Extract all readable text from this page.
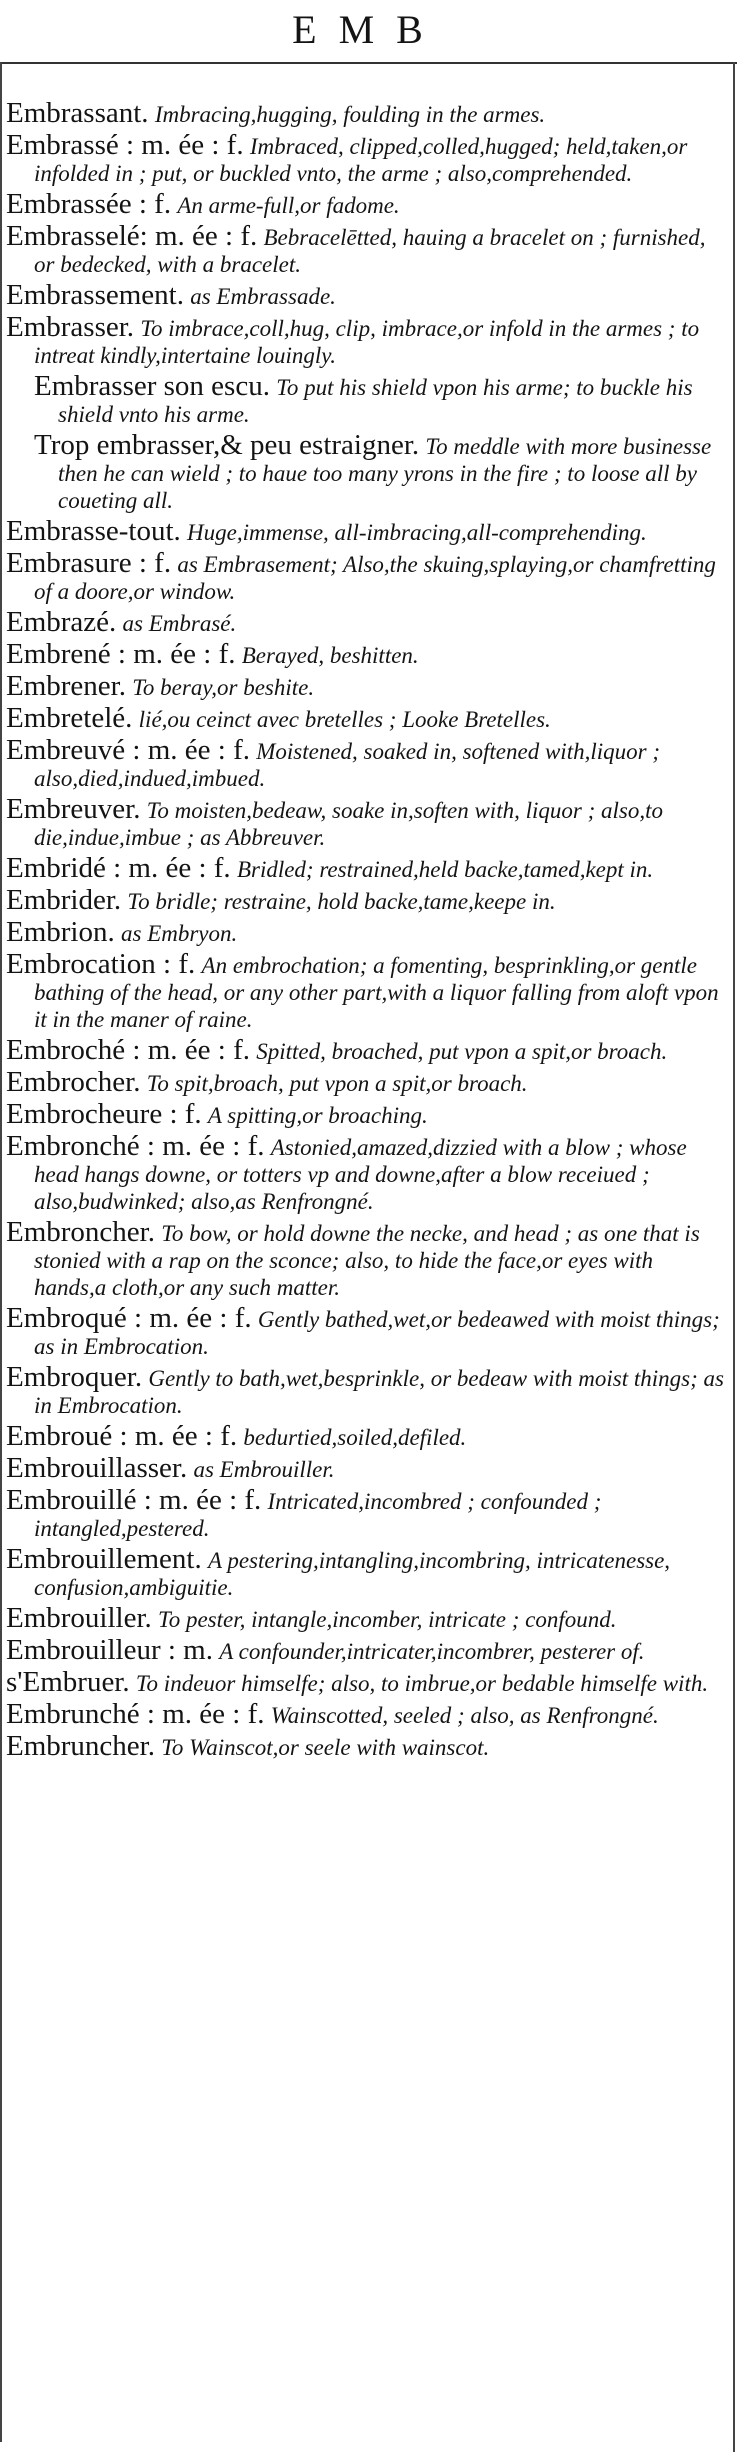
EMB

Embrassant. Imbracing,hugging, foulding in the armes.

Embrassé : m. ée : f. Imbraced, clipped,colled,hugged; held,taken,or infolded in ; put, or buckled vnto, the arme ; also,comprehended.

Embrassée : f. An arme-full,or fadome.

Embrasselé: m. ée : f. Bebracelētted, hauing a bracelet on ; furnished, or bedecked, with a bracelet.

Embrassement. as Embrassade.

Embrasser. To imbrace,coll,hug, clip, imbrace,or infold in the armes ; to intreat kindly,intertaine louingly.

Embrasser son escu. To put his shield vpon his arme; to buckle his shield vnto his arme.

Trop embrasser,& peu estraigner. To meddle with more businesse then he can wield ; to haue too many yrons in the fire ; to loose all by coueting all.

Embrasse-tout. Huge,immense, all-imbracing,all-comprehending.

Embrasure : f. as Embrasement; Also,the skuing,splaying,or chamfretting of a doore,or window.

Embrazé. as Embrasé.

Embrené : m. ée : f. Berayed, beshitten.

Embrener. To beray,or beshite.

Embretelé. lié,ou ceinct avec bretelles ; Looke Bretelles.

Embreuvé : m. ée : f. Moistened, soaked in, softened with,liquor ; also,died,indued,imbued.

Embreuver. To moisten,bedeaw, soake in,soften with, liquor ; also,to die,indue,imbue ; as Abbreuver.

Embridé : m. ée : f. Bridled; restrained,held backe,tamed,kept in.

Embrider. To bridle; restraine, hold backe,tame,keepe in.

Embrion. as Embryon.

Embrocation : f. An embrochation; a fomenting, besprinkling,or gentle bathing of the head, or any other part,with a liquor falling from aloft vpon it in the maner of raine.

Embroché : m. ée : f. Spitted, broached, put vpon a spit,or broach.

Embrocher. To spit,broach, put vpon a spit,or broach.

Embrocheure : f. A spitting,or broaching.

Embronché : m. ée : f. Astonied,amazed,dizzied with a blow ; whose head hangs downe, or totters vp and downe,after a blow receiued ; also,budwinked; also,as Renfrongné.

Embroncher. To bow, or hold downe the necke, and head ; as one that is stonied with a rap on the sconce; also, to hide the face,or eyes with hands,a cloth,or any such matter.

Embroqué : m. ée : f. Gently bathed,wet,or bedeawed with moist things; as in Embrocation.

Embroquer. Gently to bath,wet,besprinkle, or bedeaw with moist things; as in Embrocation.

Embroué : m. ée : f. bedurtied,soiled,defiled.

Embrouillasser. as Embrouiller.

Embrouillé : m. ée : f. Intricated,incombred ; confounded ; intangled,pestered.

Embrouillement. A pestering,intangling,incombring, intricatenesse, confusion,ambiguitie.

Embrouiller. To pester, intangle,incomber, intricate ; confound.

Embrouilleur : m. A confounder,intricater,incombrer, pesterer of.

s'Embruer. To indeuor himselfe; also, to imbrue,or bedable himselfe with.

Embrunché : m. ée : f. Wainscotted, seeled ; also, as Renfrongné.

Embruncher. To Wainscot,or seele with wainscot.
